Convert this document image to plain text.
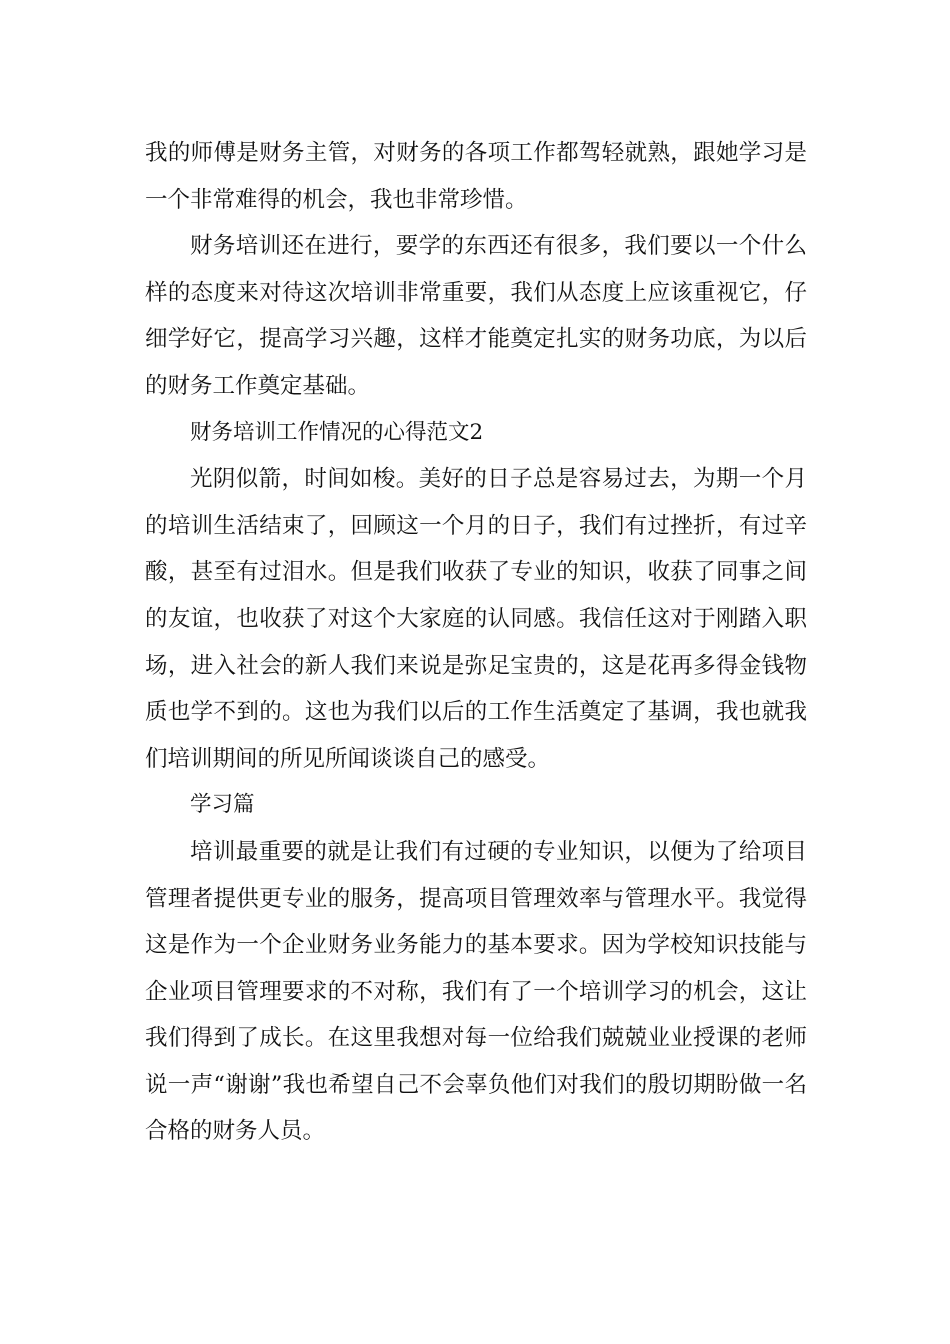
我的师傅是财务主管，对财务的各项工作都驾轻就熟，跟她学习是一个非常难得的机会，我也非常珍惜。

财务培训还在进行，要学的东西还有很多，我们要以一个什么样的态度来对待这次培训非常重要，我们从态度上应该重视它，仔细学好它，提高学习兴趣，这样才能奠定扎实的财务功底，为以后的财务工作奠定基础。

财务培训工作情况的心得范文2

光阴似箭，时间如梭。美好的日子总是容易过去，为期一个月的培训生活结束了，回顾这一个月的日子，我们有过挫折，有过辛酸，甚至有过泪水。但是我们收获了专业的知识，收获了同事之间的友谊，也收获了对这个大家庭的认同感。我信任这对于刚踏入职场，进入社会的新人我们来说是弥足宝贵的，这是花再多得金钱物质也学不到的。这也为我们以后的工作生活奠定了基调，我也就我们培训期间的所见所闻谈谈自己的感受。

学习篇

培训最重要的就是让我们有过硬的专业知识，以便为了给项目管理者提供更专业的服务，提高项目管理效率与管理水平。我觉得这是作为一个企业财务业务能力的基本要求。因为学校知识技能与企业项目管理要求的不对称，我们有了一个培训学习的机会，这让我们得到了成长。在这里我想对每一位给我们兢兢业业授课的老师说一声“谢谢”我也希望自己不会辜负他们对我们的殷切期盼做一名合格的财务人员。
